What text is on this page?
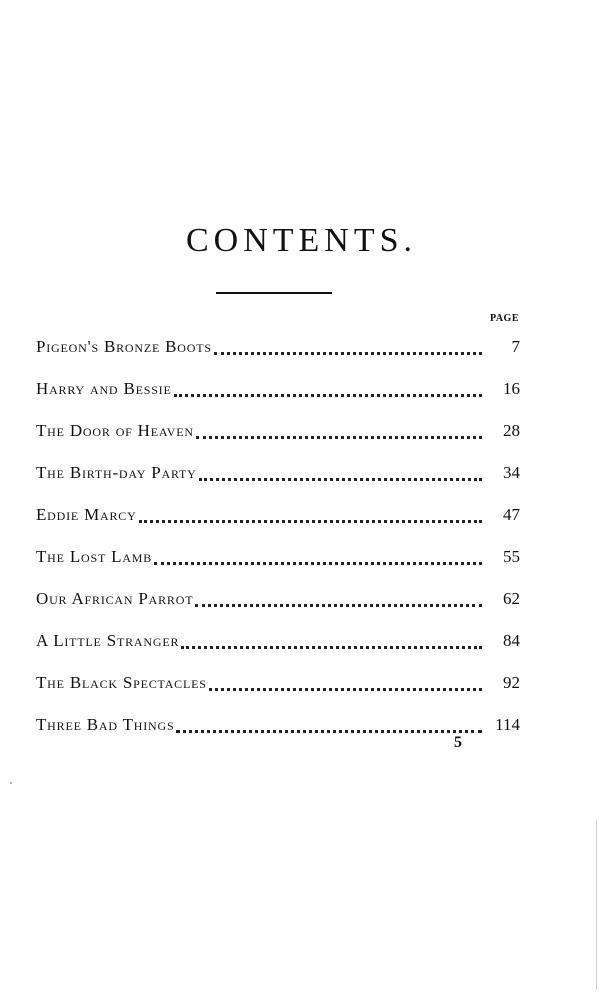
CONTENTS.
PAGE
Pigeon's Bronze Boots	7
Harry and Bessie	16
The Door of Heaven	28
The Birth-day Party	34
Eddie Marcy	47
The Lost Lamb	55
Our African Parrot	62
A Little Stranger	84
The Black Spectacles	92
Three Bad Things	114
5
